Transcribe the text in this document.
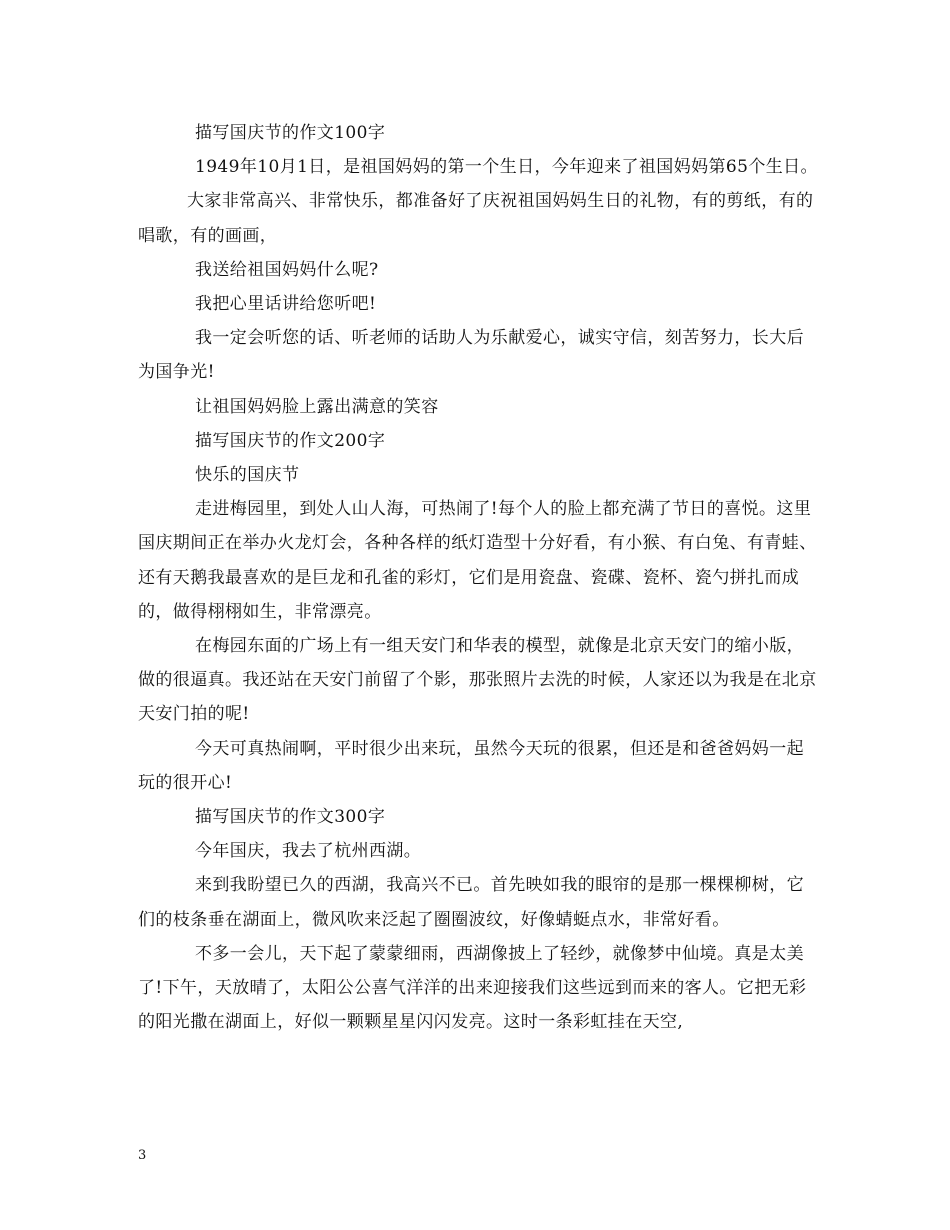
描写国庆节的作文100字

1949年10月1日，是祖国妈妈的第一个生日，今年迎来了祖国妈妈第65个生日。

大家非常高兴、非常快乐，都准备好了庆祝祖国妈妈生日的礼物，有的剪纸，有的唱歌，有的画画，

我送给祖国妈妈什么呢?

我把心里话讲给您听吧!

我一定会听您的话、听老师的话助人为乐献爱心，诚实守信，刻苦努力，长大后为国争光!

让祖国妈妈脸上露出满意的笑容

描写国庆节的作文200字

快乐的国庆节

走进梅园里，到处人山人海，可热闹了!每个人的脸上都充满了节日的喜悦。这里国庆期间正在举办火龙灯会，各种各样的纸灯造型十分好看，有小猴、有白兔、有青蛙、还有天鹅我最喜欢的是巨龙和孔雀的彩灯，它们是用瓷盘、瓷碟、瓷杯、瓷勺拼扎而成的，做得栩栩如生，非常漂亮。

在梅园东面的广场上有一组天安门和华表的模型，就像是北京天安门的缩小版，做的很逼真。我还站在天安门前留了个影，那张照片去洗的时候，人家还以为我是在北京天安门拍的呢!

今天可真热闹啊，平时很少出来玩，虽然今天玩的很累，但还是和爸爸妈妈一起玩的很开心!

描写国庆节的作文300字

今年国庆，我去了杭州西湖。

来到我盼望已久的西湖，我高兴不已。首先映如我的眼帘的是那一棵棵柳树，它们的枝条垂在湖面上，微风吹来泛起了圈圈波纹，好像蜻蜓点水，非常好看。

不多一会儿，天下起了蒙蒙细雨，西湖像披上了轻纱，就像梦中仙境。真是太美了!下午，天放晴了，太阳公公喜气洋洋的出来迎接我们这些远到而来的客人。它把无彩的阳光撒在湖面上，好似一颗颗星星闪闪发亮。这时一条彩虹挂在天空,

3
